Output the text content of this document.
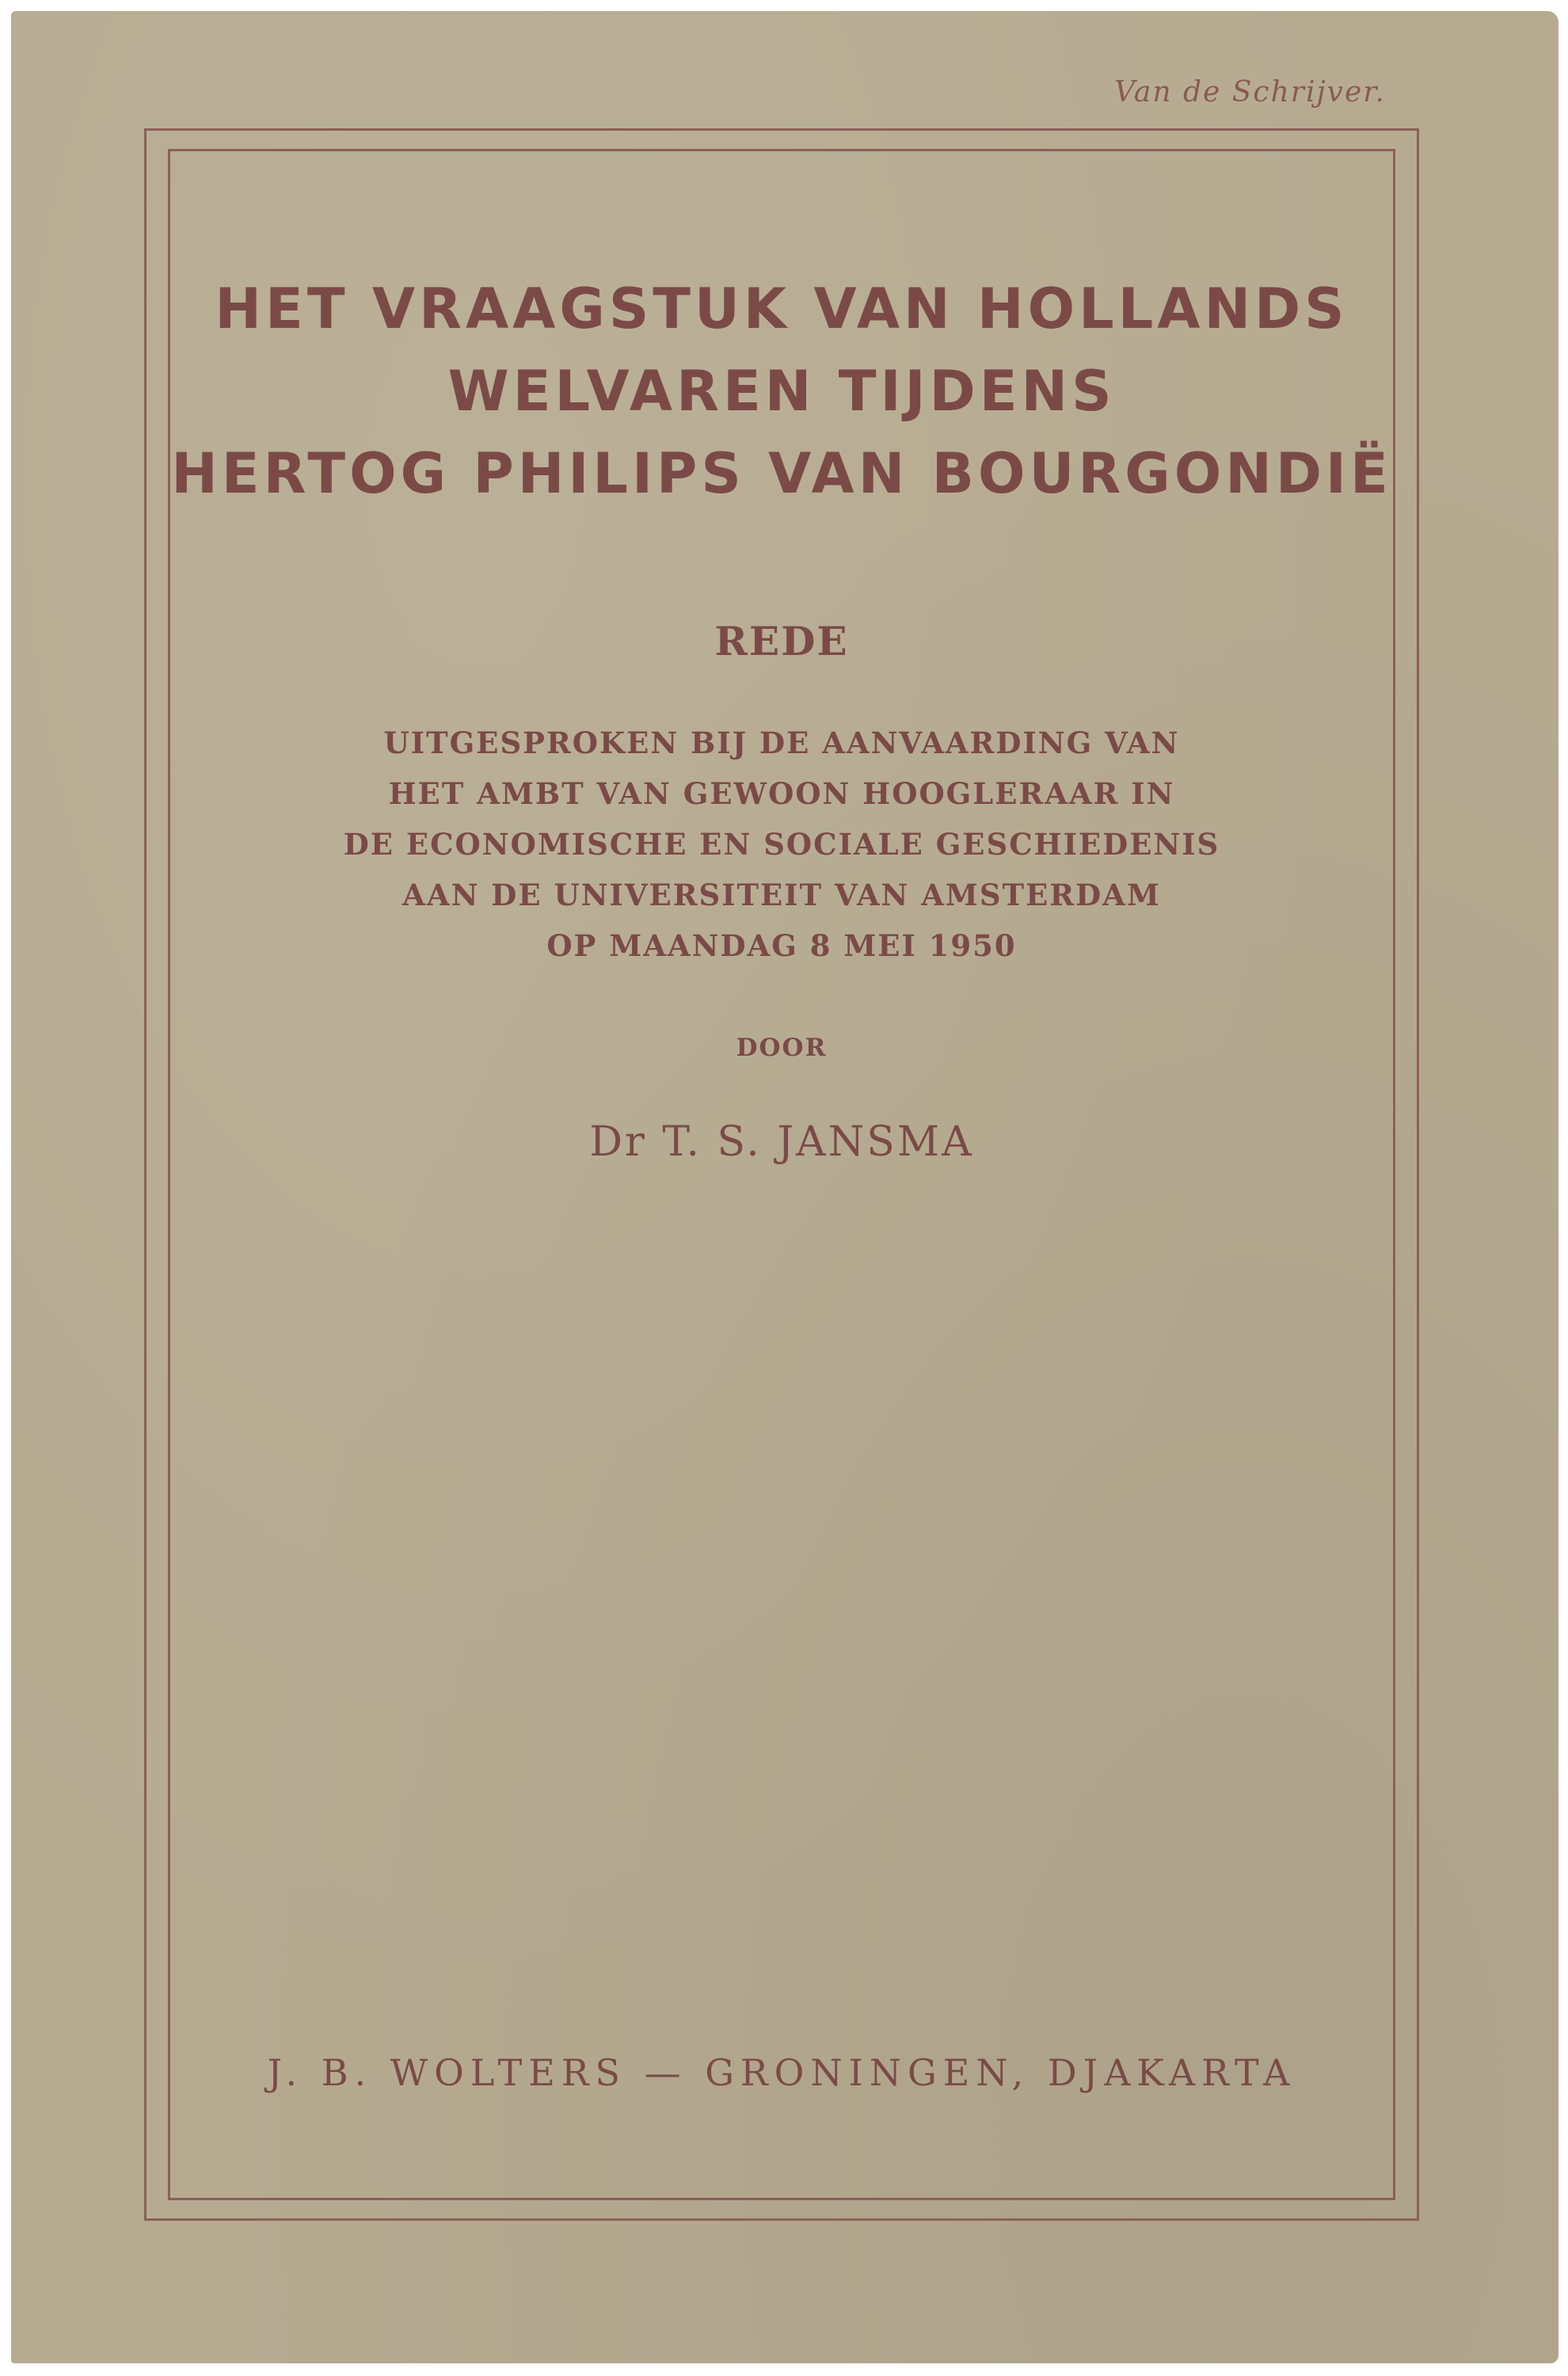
Van de Schrijver.
HET VRAAGSTUK VAN HOLLANDS
WELVAREN TIJDENS
HERTOG PHILIPS VAN BOURGONDIË
REDE
UITGESPROKEN BIJ DE AANVAARDING VAN
HET AMBT VAN GEWOON HOOGLERAAR IN
DE ECONOMISCHE EN SOCIALE GESCHIEDENIS
AAN DE UNIVERSITEIT VAN AMSTERDAM
OP MAANDAG 8 MEI 1950
DOOR
Dr T. S. JANSMA
J. B. WOLTERS — GRONINGEN, DJAKARTA
